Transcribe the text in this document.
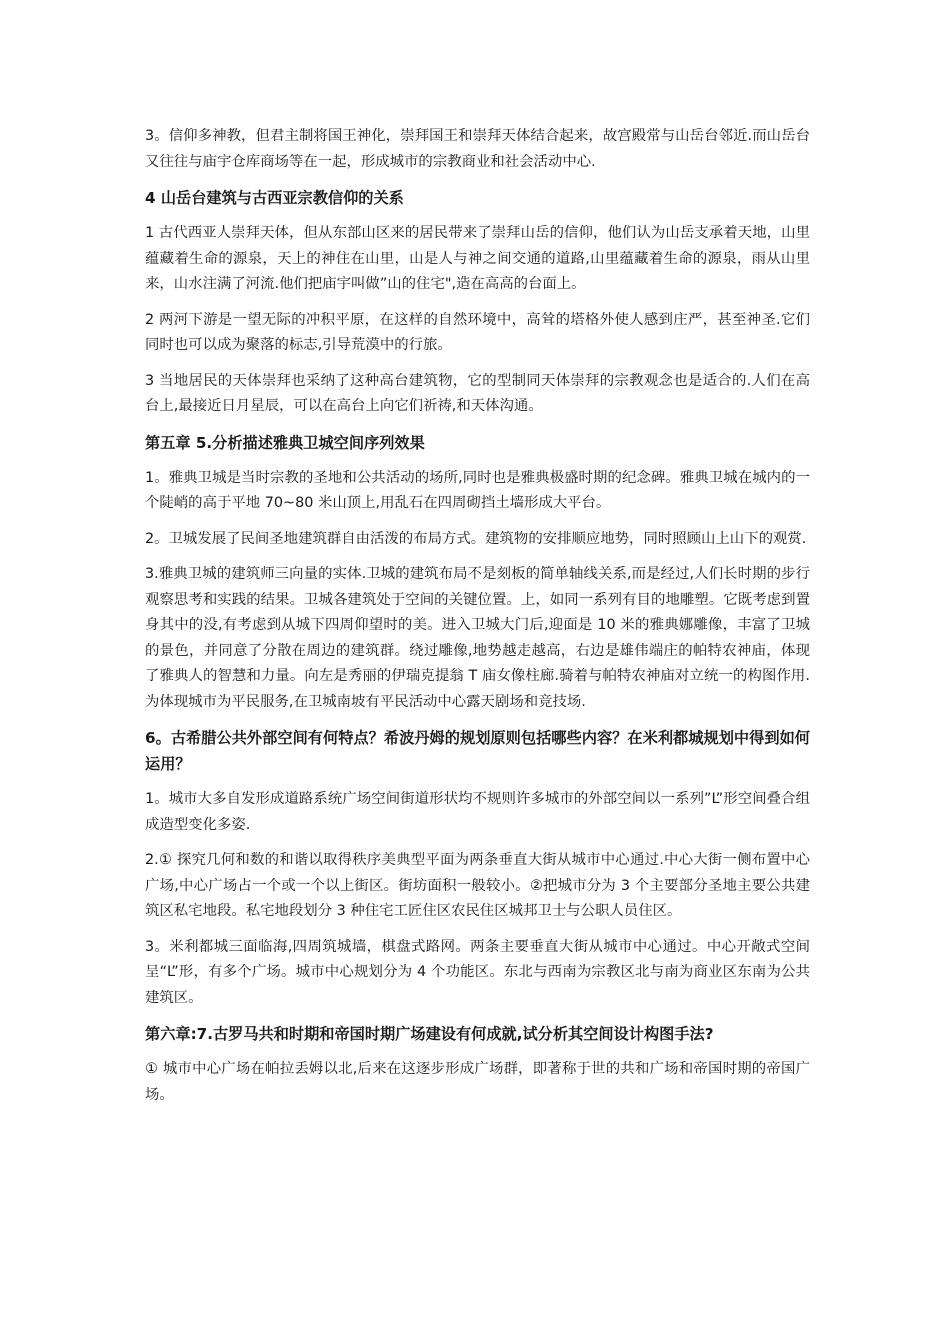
3。信仰多神教，但君主制将国王神化，崇拜国王和崇拜天体结合起来，故宫殿常与山岳台邻近.而山岳台又往往与庙宇仓库商场等在一起，形成城市的宗教商业和社会活动中心.

4 山岳台建筑与古西亚宗教信仰的关系

1 古代西亚人崇拜天体，但从东部山区来的居民带来了崇拜山岳的信仰，他们认为山岳支承着天地，山里蕴藏着生命的源泉，天上的神住在山里，山是人与神之间交通的道路,山里蕴藏着生命的源泉，雨从山里来，山水注满了河流.他们把庙宇叫做”山的住宅",造在高高的台面上。

2 两河下游是一望无际的冲积平原，在这样的自然环境中，高耸的塔格外使人感到庄严，甚至神圣.它们同时也可以成为聚落的标志,引导荒漠中的行旅。

3 当地居民的天体崇拜也采纳了这种高台建筑物，它的型制同天体崇拜的宗教观念也是适合的.人们在高台上,最接近日月星辰，可以在高台上向它们祈祷,和天体沟通。

第五章 5.分析描述雅典卫城空间序列效果

1。雅典卫城是当时宗教的圣地和公共活动的场所,同时也是雅典极盛时期的纪念碑。雅典卫城在城内的一个陡峭的高于平地 70~80 米山顶上,用乱石在四周砌挡土墙形成大平台。

2。卫城发展了民间圣地建筑群自由活泼的布局方式。建筑物的安排顺应地势，同时照顾山上山下的观赏.

3.雅典卫城的建筑师三向量的实体.卫城的建筑布局不是刻板的简单轴线关系,而是经过,人们长时期的步行观察思考和实践的结果。卫城各建筑处于空间的关键位置。上，如同一系列有目的地雕塑。它既考虑到置身其中的没,有考虑到从城下四周仰望时的美。进入卫城大门后,迎面是 10 米的雅典娜雕像，丰富了卫城的景色，并同意了分散在周边的建筑群。绕过雕像,地势越走越高，右边是雄伟端庄的帕特农神庙，体现了雅典人的智慧和力量。向左是秀丽的伊瑞克提翁 T 庙女像柱廊.骑着与帕特农神庙对立统一的构图作用.为体现城市为平民服务,在卫城南坡有平民活动中心露天剧场和竞技场.

6。古希腊公共外部空间有何特点？希波丹姆的规划原则包括哪些内容？在米利都城规划中得到如何运用？

1。城市大多自发形成道路系统广场空间街道形状均不规则许多城市的外部空间以一系列”L”形空间叠合组成造型变化多姿.

2.① 探究几何和数的和谐以取得秩序美典型平面为两条垂直大街从城市中心通过.中心大街一侧布置中心广场,中心广场占一个或一个以上街区。街坊面积一般较小。②把城市分为 3 个主要部分圣地主要公共建筑区私宅地段。私宅地段划分 3 种住宅工匠住区农民住区城邦卫士与公职人员住区。

3。米利都城三面临海,四周筑城墙，棋盘式路网。两条主要垂直大街从城市中心通过。中心开敞式空间呈“L”形，有多个广场。城市中心规划分为 4 个功能区。东北与西南为宗教区北与南为商业区东南为公共建筑区。

第六章:7.古罗马共和时期和帝国时期广场建设有何成就,试分析其空间设计构图手法?

① 城市中心广场在帕拉丢姆以北,后来在这逐步形成广场群，即著称于世的共和广场和帝国时期的帝国广场。
